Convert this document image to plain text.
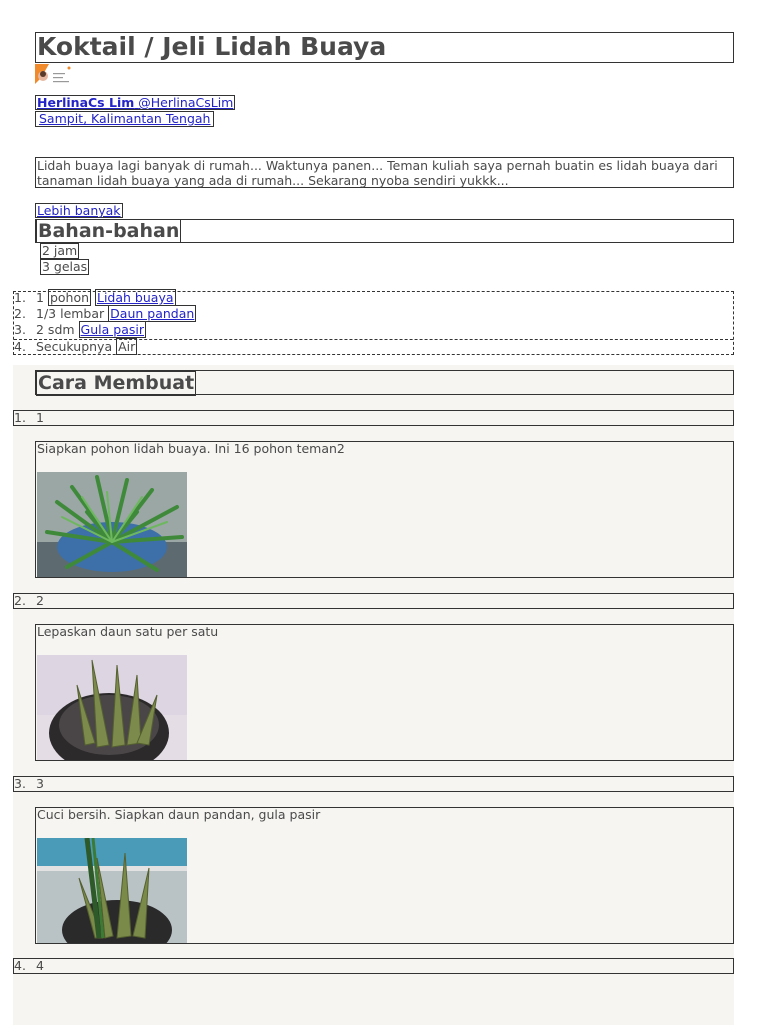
Koktail / Jeli Lidah Buaya
HerlinaCs Lim @HerlinaCsLim
Sampit, Kalimantan Tengah
Lidah buaya lagi banyak di rumah... Waktunya panen... Teman kuliah saya pernah buatin es lidah buaya dari tanaman lidah buaya yang ada di rumah... Sekarang nyoba sendiri yukkk...
Lebih banyak
Bahan-bahan
2 jam
3 gelas
1. 1 pohon Lidah buaya
2. 1/3 lembar Daun pandan
3. 2 sdm Gula pasir
4. Secukupnya Air
Cara Membuat
1. 1
Siapkan pohon lidah buaya. Ini 16 pohon teman2
2. 2
Lepaskan daun satu per satu
3. 3
Cuci bersih. Siapkan daun pandan, gula pasir
4. 4
